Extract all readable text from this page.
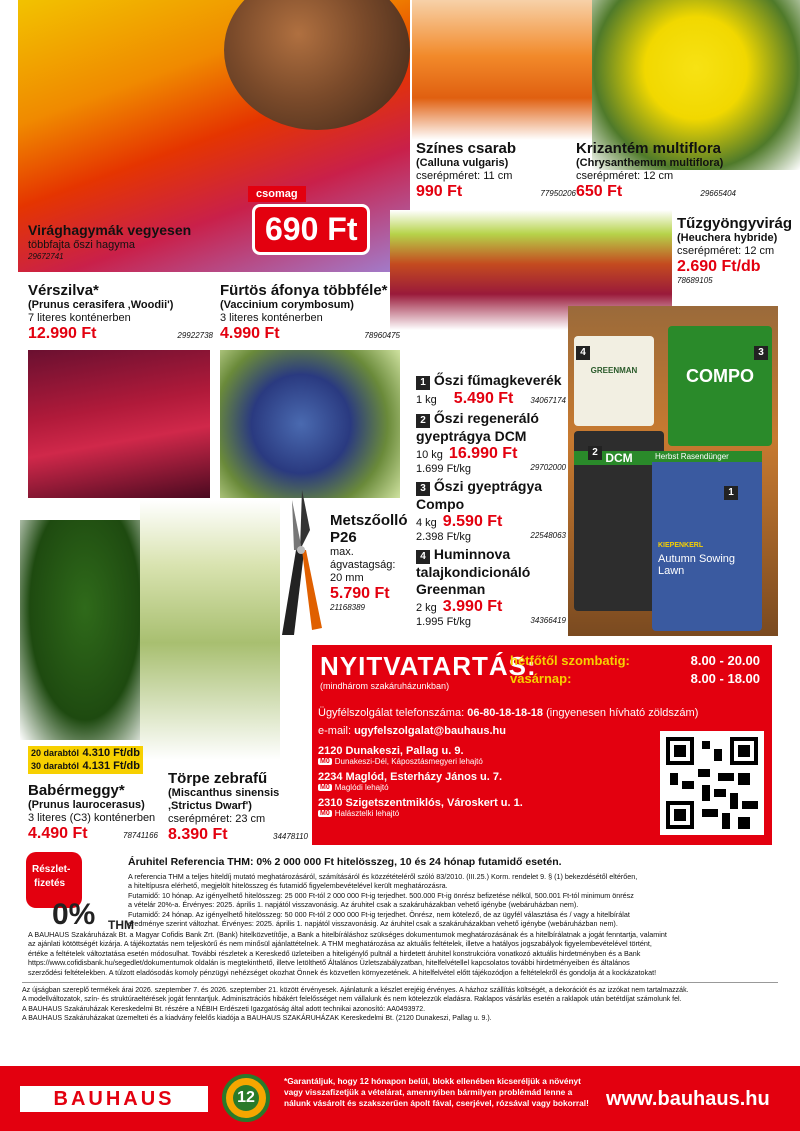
Virághagymák vegyesen
többfajta őszi hagyma
29672741
csomag
690 Ft
Színes csarab
(Calluna vulgaris)
cserépméret: 11 cm
990 Ft	77950206
Krizantém multiflora
(Chrysanthemum multiflora)
cserépméret: 12 cm
650 Ft	29665404
Tűzgyöngyvirág
(Heuchera hybride)
cserépméret: 12 cm
2.690 Ft/db
78689105
Vérszilva*
(Prunus cerasifera ‚Woodii')
7 literes konténerben
12.990 Ft	29922738
Fürtös áfonya többféle*
(Vaccinium corymbosum)
3 literes konténerben
4.990 Ft	78960475
1 Őszi fűmagkeverék
1 kg 5.490 Ft 34067174
2 Őszi regeneráló gyeptrágya DCM
10 kg 16.990 Ft
1.699 Ft/kg	29702000
3 Őszi gyeptrágya Compo
4 kg 9.590 Ft
2.398 Ft/kg	22548063
4 Huminnova talajkondicionáló Greenman
2 kg 3.990 Ft
1.995 Ft/kg	34366419
GREENMAN	COMPO
DCM	Herbst Rasendünger
KIEPENKERL
Autumn Sowing Lawn
4	3
2
1
Metszőolló P26
max. ágvastagság: 20 mm
5.790 Ft
21168389
20 darabtól 4.310 Ft/db
30 darabtól 4.131 Ft/db
Babérmeggy*
(Prunus laurocerasus)
3 literes (C3) konténerben
4.490 Ft	78741166
Törpe zebrafű
(Miscanthus sinensis ‚Strictus Dwarf')
cserépméret: 23 cm
8.390 Ft	34478110
NYITVATARTÁS:
(mindhárom szakáruházunkban)
hétfőtől szombatig:	8.00 - 20.00
vasárnap:	8.00 - 18.00
Ügyfélszolgálat telefonszáma: 06-80-18-18-18 (ingyenesen hívható zöldszám)
e-mail: ugyfelszolgalat@bauhaus.hu
2120 Dunakeszi, Pallag u. 9.
M0 Dunakeszi-Dél, Káposztásmegyeri lehajtó
2234 Maglód, Esterházy János u. 7.
M0 Maglódi lehajtó
2310 Szigetszentmiklós, Városkert u. 1.
M0 Halásztelki lehajtó
Részlet-
fizetés
0% THM
Áruhitel Referencia THM: 0% 2 000 000 Ft hitelösszeg, 10 és 24 hónap futamidő esetén.
A referencia THM a teljes hiteldíj mutató meghatározásáról, számításáról és közzétételéről szóló 83/2010. (III.25.) Korm. rendelet 9. § (1) bekezdésétől eltérően,
a hiteltípusra elérhető, megjelölt hitelösszeg és futamidő figyelembevételével került meghatározásra.
Futamidő: 10 hónap. Az igényelhető hitelösszeg: 25 000 Ft-tól 2 000 000 Ft-ig terjedhet. 500.000 Ft-ig önrész befizetése nélkül, 500.001 Ft-tól minimum önrész
a vételár 20%-a. Érvényes: 2025. április 1. napjától visszavonásig. Az áruhitel csak a szakáruházakban vehető igénybe (webáruházban nem).
Futamidő: 24 hónap. Az igényelhető hitelösszeg: 50 000 Ft-tól 2 000 000 Ft-ig terjedhet. Önrész, nem kötelező, de az ügyfél választása és / vagy a hitelbírálat
eredménye szerint változhat. Érvényes: 2025. április 1. napjától visszavonásig. Az áruhitel csak a szakáruházakban vehető igénybe (webáruházban nem).
A BAUHAUS Szakáruházak Bt. a Magyar Cofidis Bank Zrt. (Bank) hitelközvetítője, a Bank a hitelbíráláshoz szükséges dokumentumok meghatározásának és a hitelbírálatnak a jogát fenntartja, valamint
az ajánlati kötöttségét kizárja. A tájékoztatás nem teljeskörű és nem minősül ajánlattételnek. A THM meghatározása az aktuális feltételek, illetve a hatályos jogszabályok figyelembevételével történt,
értéke a feltételek változtatása esetén módosulhat. További részletek a Kereskedő üzleteiben a hiteligénylő pultnál a hirdetett áruhitel konstrukcióra vonatkozó aktuális hirdetményben és a Bank
https://www.cofidisbank.hu/segedlet/dokumentumok oldalán is megtekinthető, illetve letölthető Általános Üzletszabályzatban, hitelfelvétellel kapcsolatos további hirdetményeiben és általános
szerződési feltételekben. A túlzott eladósodás komoly pénzügyi nehézséget okozhat Önnek és közvetlen környezetének. A hitelfelvétel előtt tájékozódjon a feltételekről és gondolja át a kockázatokat!
Az újságban szereplő termékek árai 2026. szeptember 7. és 2026. szeptember 21. között érvényesek. Ajánlatunk a készlet erejéig érvényes. A házhoz szállítás költségét, a dekorációt és az izzókat nem tartalmazzák.
A modellváltozatok, szín- és struktúraeltérések jogát fenntartjuk. Adminisztrációs hibákért felelősséget nem vállalunk és nem kötelezzük eladásra. Raklapos vásárlás esetén a raklapok után betétdíjat számolunk fel.
A BAUHAUS Szakáruházak Kereskedelmi Bt. részére a NÉBIH Erdészeti Igazgatóság által adott technikai azonosító: AA0493972.
A BAUHAUS Szakáruházakat üzemelteti és a kiadvány felelős kiadója a BAUHAUS SZAKÁRUHÁZAK Kereskedelmi Bt. (2120 Dunakeszi, Pallag u. 9.).
BAUHAUS	12
*Garantáljuk, hogy 12 hónapon belül, blokk ellenében kicseréljük a növényt vagy visszafizetjük a vételárat, amennyiben bármilyen problémád lenne a nálunk vásárolt és szakszerűen ápolt fával, cserjével, rózsával vagy bokorral! www.bauhaus.hu
